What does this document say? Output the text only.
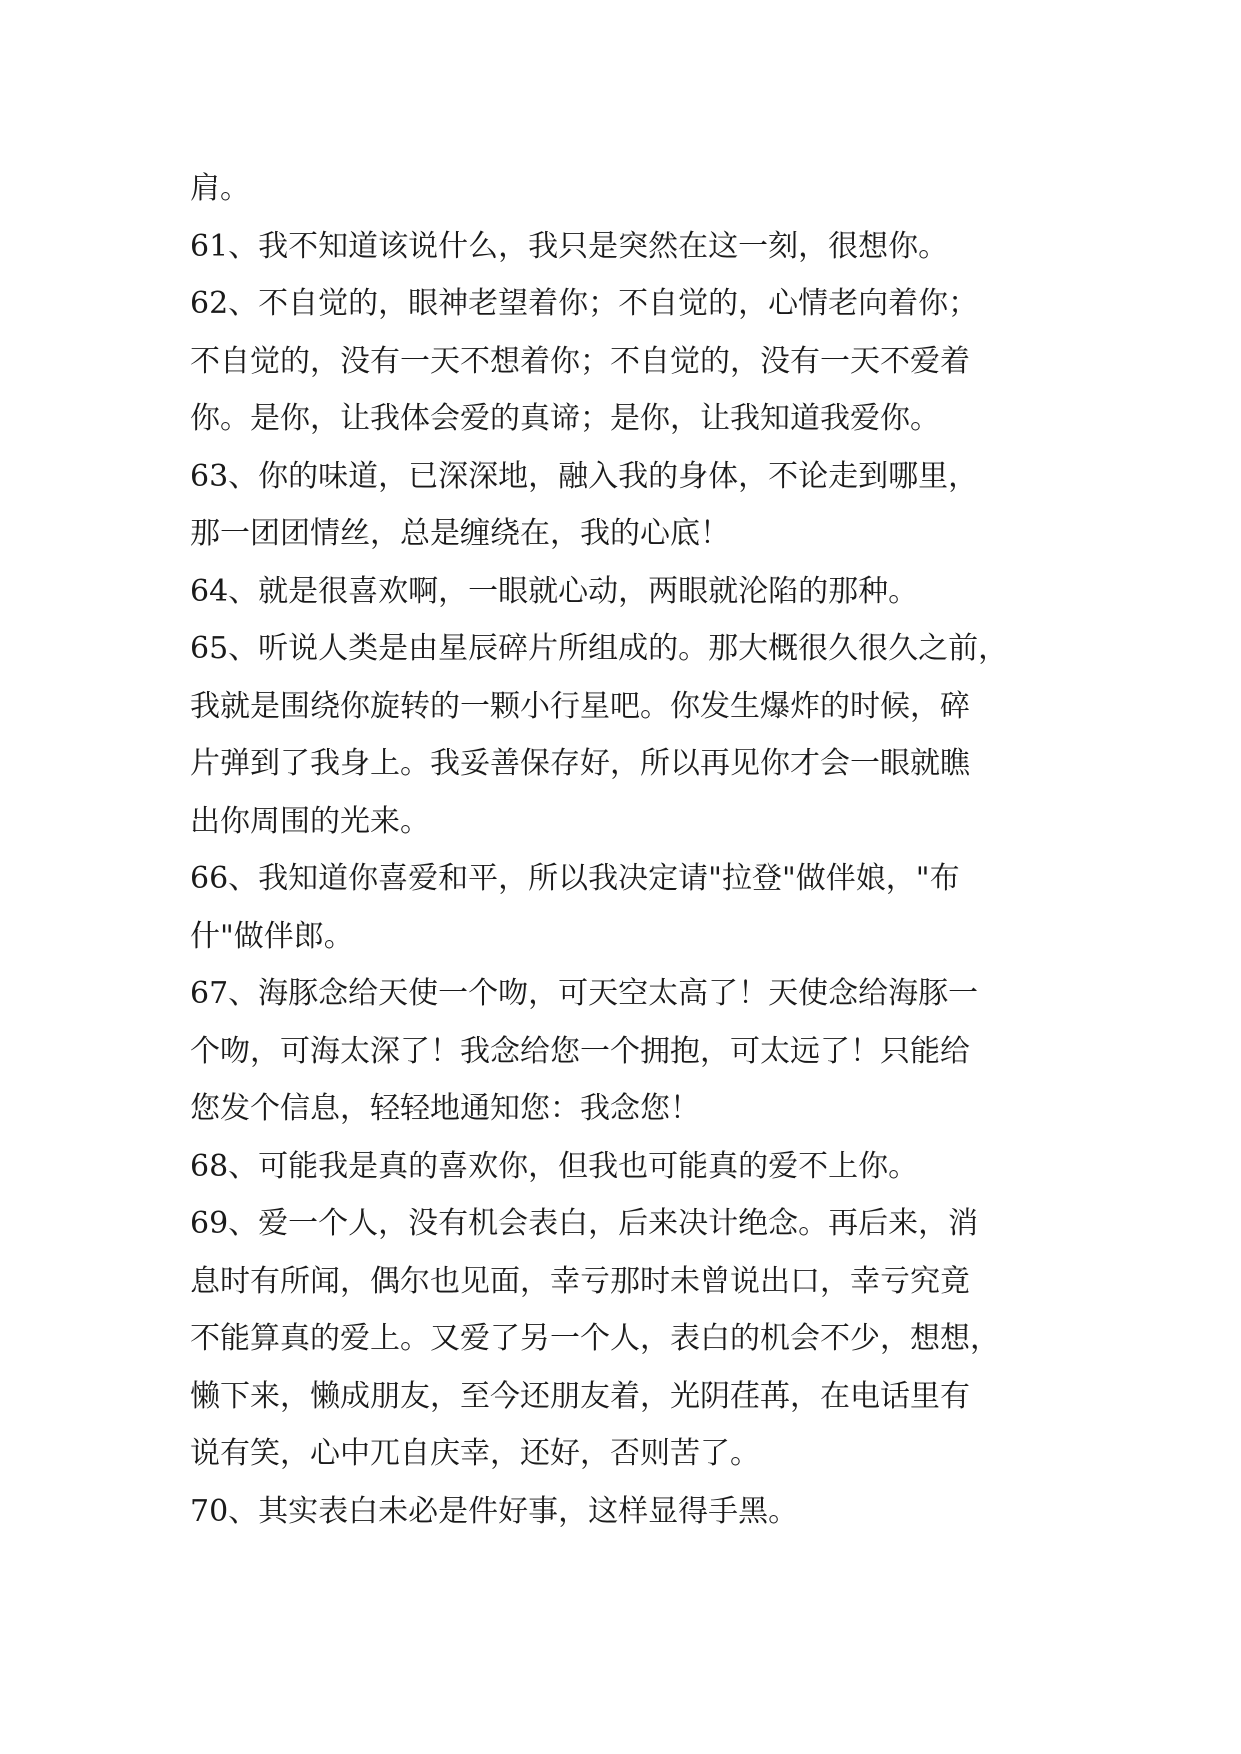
肩。
61、我不知道该说什么，我只是突然在这一刻，很想你。
62、不自觉的，眼神老望着你；不自觉的，心情老向着你；
不自觉的，没有一天不想着你；不自觉的，没有一天不爱着
你。是你，让我体会爱的真谛；是你，让我知道我爱你。
63、你的味道，已深深地，融入我的身体，不论走到哪里，
那一团团情丝，总是缠绕在，我的心底！
64、就是很喜欢啊，一眼就心动，两眼就沦陷的那种。
65、听说人类是由星辰碎片所组成的。那大概很久很久之前，
我就是围绕你旋转的一颗小行星吧。你发生爆炸的时候，碎
片弹到了我身上。我妥善保存好，所以再见你才会一眼就瞧
出你周围的光来。
66、我知道你喜爱和平，所以我决定请"拉登"做伴娘，"布
什"做伴郎。
67、海豚念给天使一个吻，可天空太高了！天使念给海豚一
个吻，可海太深了！我念给您一个拥抱，可太远了！只能给
您发个信息，轻轻地通知您：我念您！
68、可能我是真的喜欢你，但我也可能真的爱不上你。
69、爱一个人，没有机会表白，后来决计绝念。再后来，消
息时有所闻，偶尔也见面，幸亏那时未曾说出口，幸亏究竟
不能算真的爱上。又爱了另一个人，表白的机会不少，想想，
懒下来，懒成朋友，至今还朋友着，光阴荏苒，在电话里有
说有笑，心中兀自庆幸，还好，否则苦了。
70、其实表白未必是件好事，这样显得手黑。
